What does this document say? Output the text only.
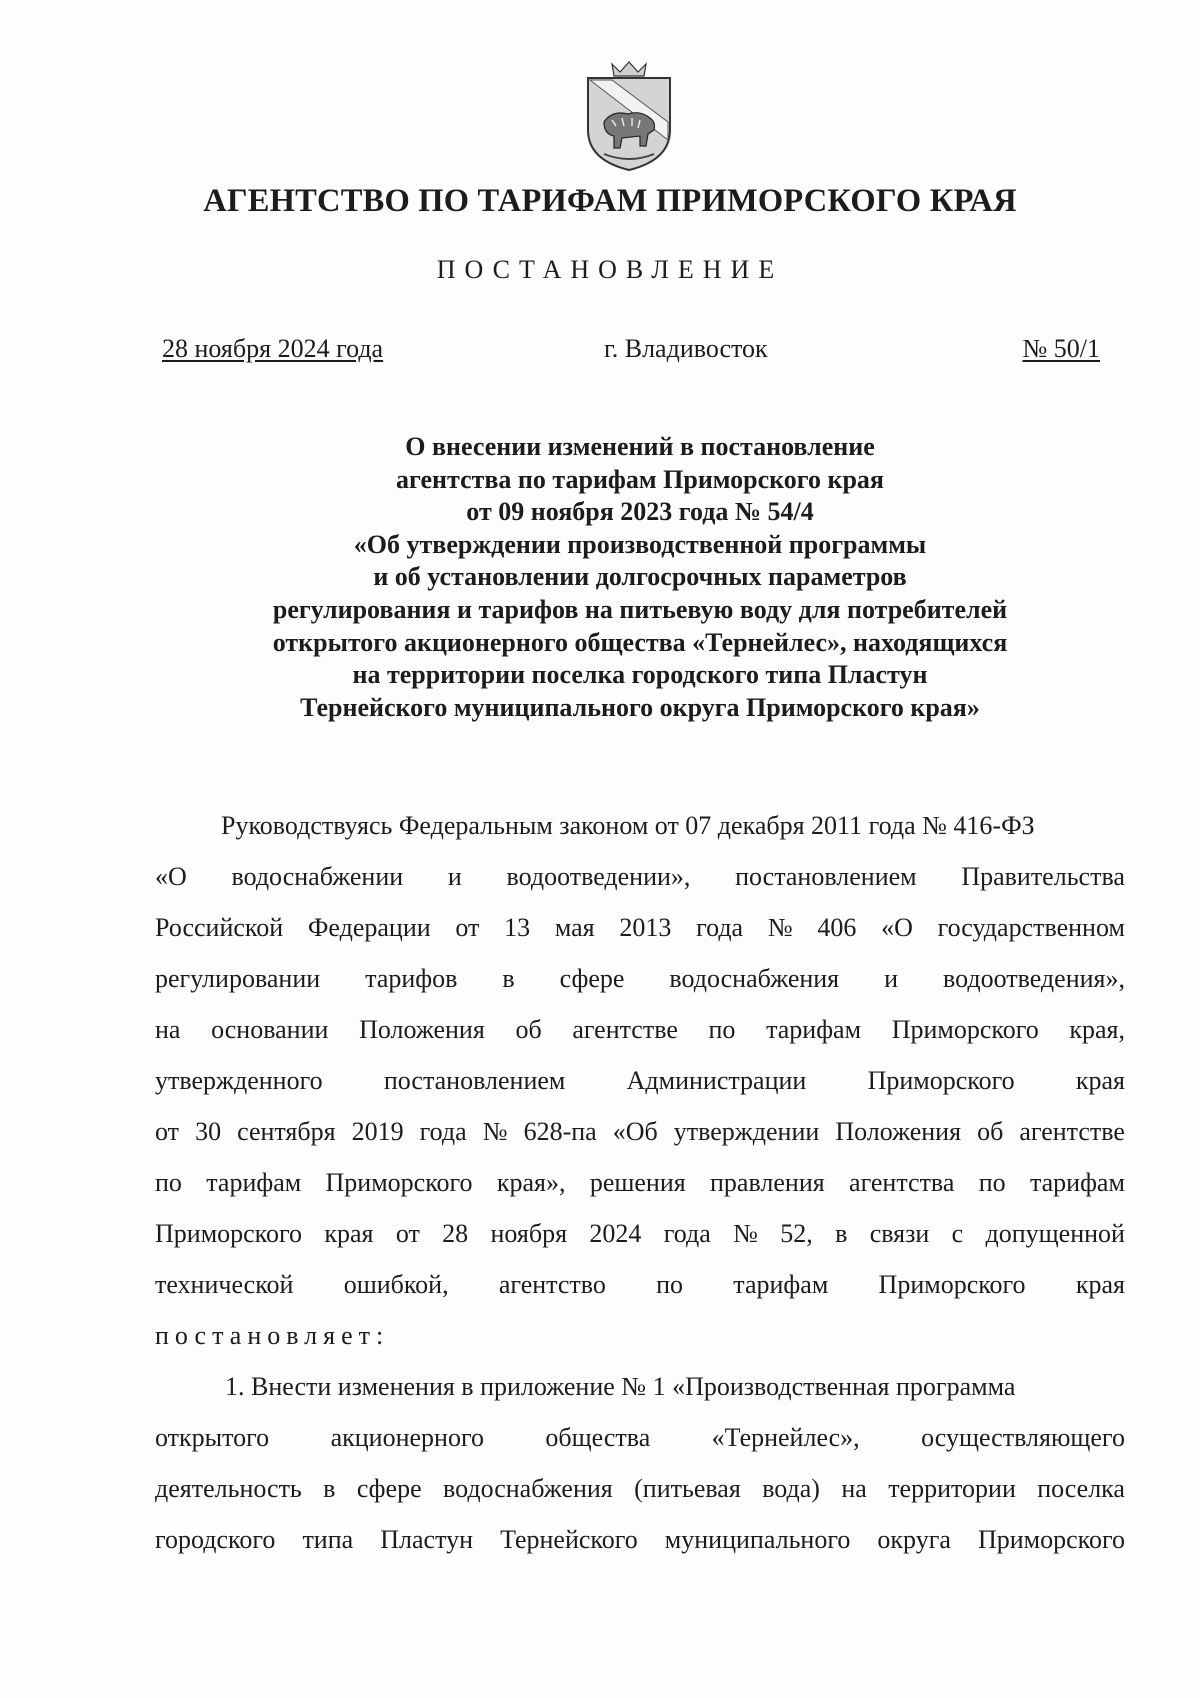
АГЕНТСТВО ПО ТАРИФАМ ПРИМОРСКОГО КРАЯ
ПОСТАНОВЛЕНИЕ
28 ноября 2024 года	г. Владивосток	№ 50/1
О внесении изменений в постановление
агентства по тарифам Приморского края
от 09 ноября 2023 года № 54/4
«Об утверждении производственной программы
и об установлении долгосрочных параметров
регулирования и тарифов на питьевую воду для потребителей
открытого акционерного общества «Тернейлес», находящихся
на территории поселка городского типа Пластун
Тернейского муниципального округа Приморского края»
Руководствуясь Федеральным законом от 07 декабря 2011 года № 416-ФЗ
«О водоснабжении и водоотведении», постановлением Правительства
Российской Федерации от 13 мая 2013 года № 406 «О государственном
регулировании тарифов в сфере водоснабжения и водоотведения»,
на основании Положения об агентстве по тарифам Приморского края,
утвержденного постановлением Администрации Приморского края
от 30 сентября 2019 года № 628-па «Об утверждении Положения об агентстве
по тарифам Приморского края», решения правления агентства по тарифам
Приморского края от 28 ноября 2024 года № 52, в связи с допущенной
технической ошибкой, агентство по тарифам Приморского края
постановляет:
1. Внести изменения в приложение № 1 «Производственная программа
открытого акционерного общества «Тернейлес», осуществляющего
деятельность в сфере водоснабжения (питьевая вода) на территории поселка
городского типа Пластун Тернейского муниципального округа Приморского
